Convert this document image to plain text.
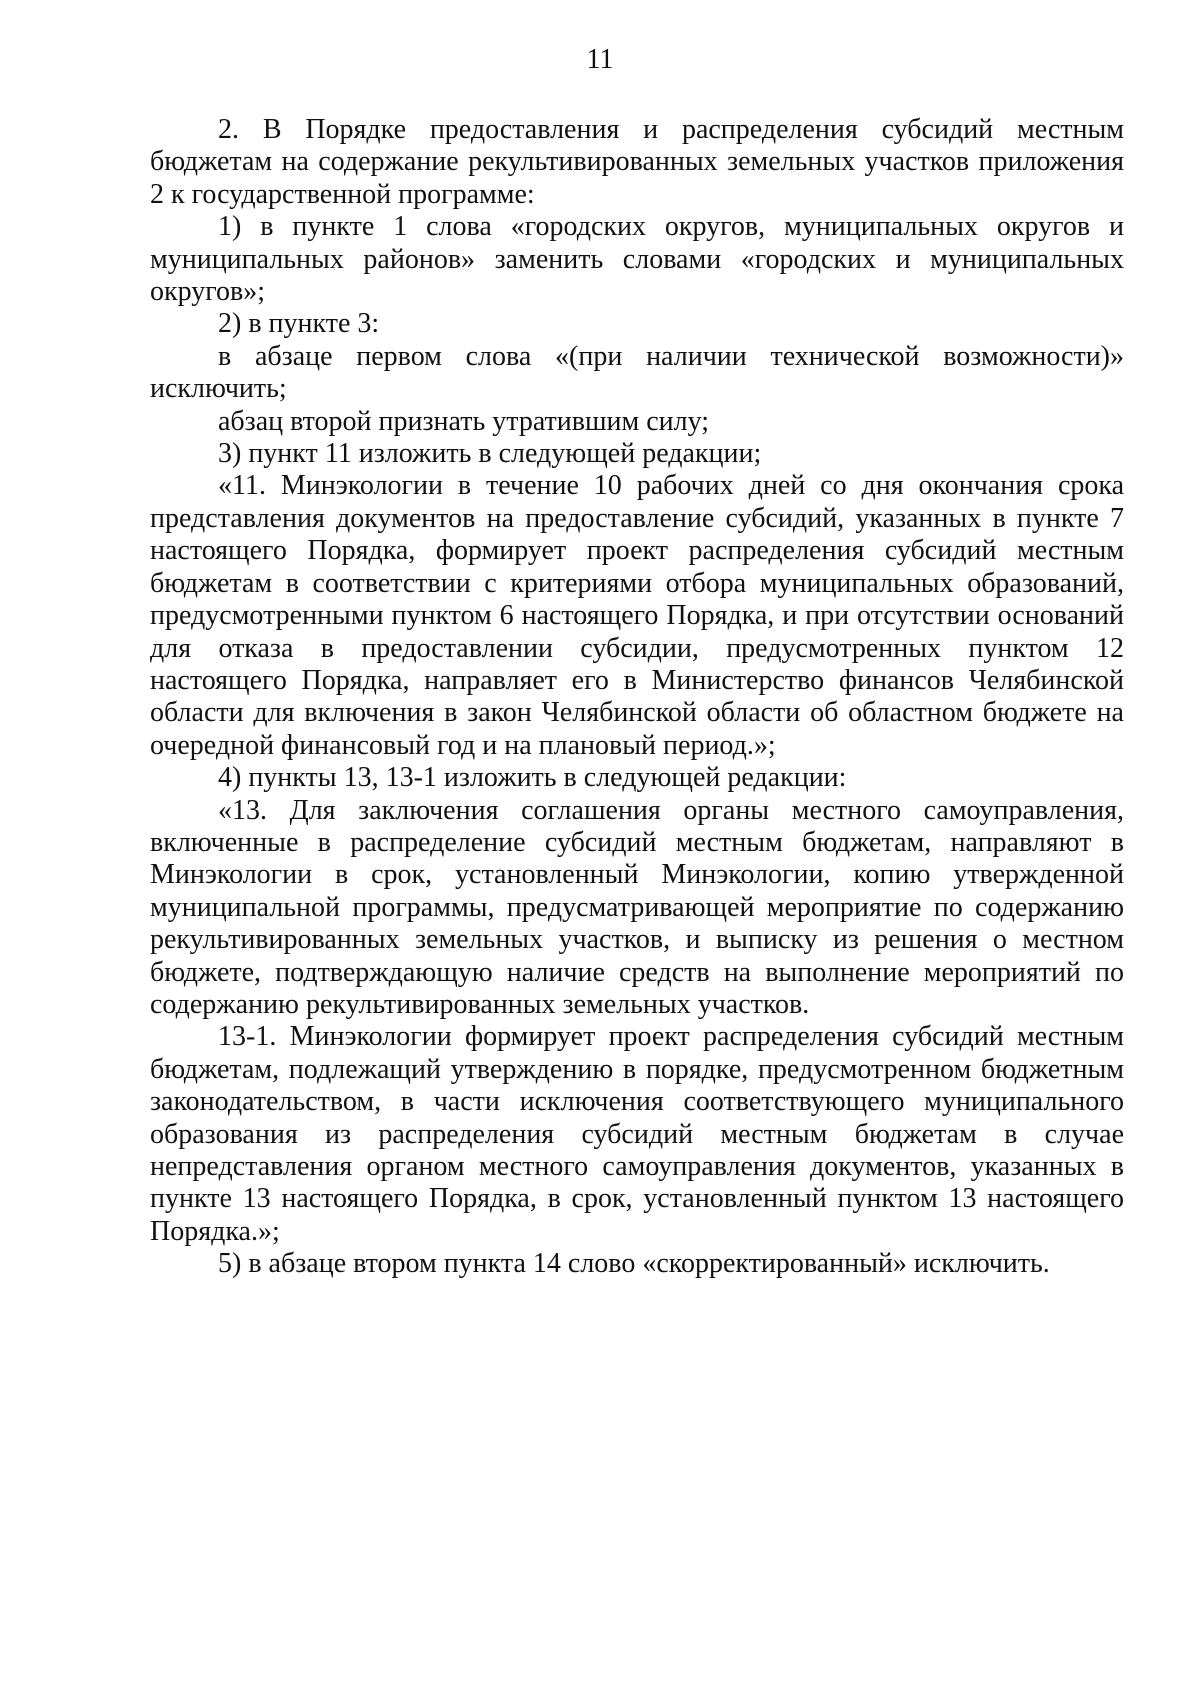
11

2. В Порядке предоставления и распределения субсидий местным бюджетам на содержание рекультивированных земельных участков приложения 2 к государственной программе:

1) в пункте 1 слова «городских округов, муниципальных округов и муниципальных районов» заменить словами «городских и муниципальных округов»;

2) в пункте 3:

в абзаце первом слова «(при наличии технической возможности)» исключить;

абзац второй признать утратившим силу;

3) пункт 11 изложить в следующей редакции;

«11. Минэкологии в течение 10 рабочих дней со дня окончания срока представления документов на предоставление субсидий, указанных в пункте 7 настоящего Порядка, формирует проект распределения субсидий местным бюджетам в соответствии с критериями отбора муниципальных образований, предусмотренными пунктом 6 настоящего Порядка, и при отсутствии оснований для отказа в предоставлении субсидии, предусмотренных пунктом 12 настоящего Порядка, направляет его в Министерство финансов Челябинской области для включения в закон Челябинской области об областном бюджете на очередной финансовый год и на плановый период.»;

4) пункты 13, 13-1 изложить в следующей редакции:

«13. Для заключения соглашения органы местного самоуправления, включенные в распределение субсидий местным бюджетам, направляют в Минэкологии в срок, установленный Минэкологии, копию утвержденной муниципальной программы, предусматривающей мероприятие по содержанию рекультивированных земельных участков, и выписку из решения о местном бюджете, подтверждающую наличие средств на выполнение мероприятий по содержанию рекультивированных земельных участков.

13-1. Минэкологии формирует проект распределения субсидий местным бюджетам, подлежащий утверждению в порядке, предусмотренном бюджетным законодательством, в части исключения соответствующего муниципального образования из распределения субсидий местным бюджетам в случае непредставления органом местного самоуправления документов, указанных в пункте 13 настоящего Порядка, в срок, установленный пунктом 13 настоящего Порядка.»;

5) в абзаце втором пункта 14 слово «скорректированный» исключить.
